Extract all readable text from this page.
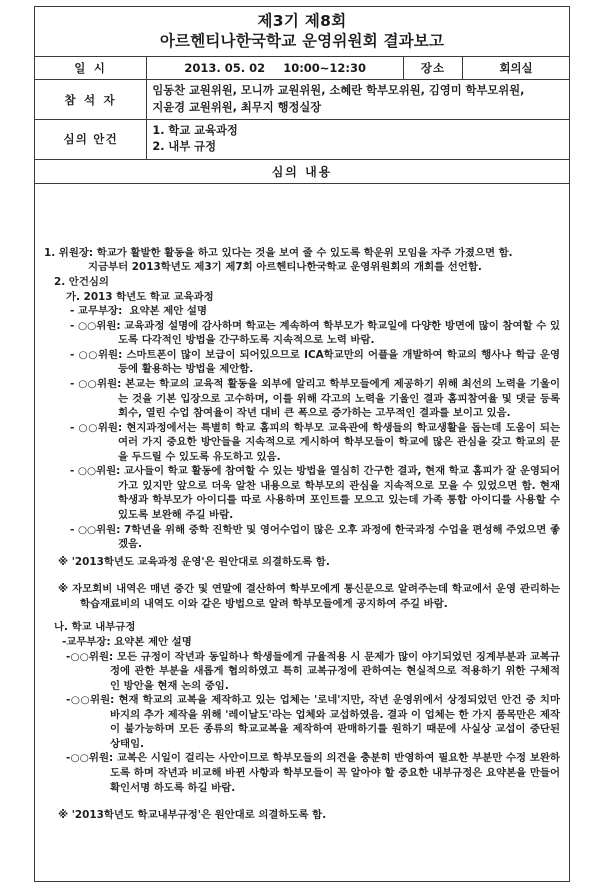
제3기 제8회
아르헨티나한국학교 운영위원회 결과보고			

일 시	2013. 05. 02 10:00~12:30	장소	회의실
참 석 자	임동찬 교원위원, 모니까 교원위원, 소혜란 학부모위원, 김영미 학부모위원,
지윤경 교원위원, 최무지 행정실장		

심의 안건	1. 학교 교육과정
2. 내부 규정		

심의 내용			

1. 위원장: 학교가 활발한 활동을 하고 있다는 것을 보여 줄 수 있도록 학운위 모임을 자주 가졌으면 함.
지금부터 2013학년도 제3기 제7회 아르헨티나한국학교 운영위원회의 개회를 선언함.
2. 안건심의
가. 2013 학년도 학교 교육과정
- 교무부장: 요약본 제안 설명
- ○○위원: 교육과정 설명에 감사하며 학교는 계속하여 학부모가 학교일에 다양한 방면에 많이 참여할 수 있도록 다각적인 방법을 간구하도록 지속적으로 노력 바람.
- ○○위원: 스마트폰이 많이 보급이 되어있으므로 ICA학교만의 어플을 개발하여 학교의 행사나 학급 운영 등에 활용하는 방법을 제안함.
- ○○위원: 본교는 학교의 교육적 활동을 외부에 알리고 학부모들에게 제공하기 위해 최선의 노력을 기울이는 것을 기본 입장으로 고수하며, 이를 위해 각고의 노력을 기울인 결과 홈피참여율 및 댓글 등록회수, 열린 수업 참여율이 작년 대비 큰 폭으로 증가하는 고무적인 결과를 보이고 있음.
- ○○위원: 현지과정에서는 특별히 학교 홈피의 학부모 교육관에 학생들의 학교생활을 돕는데 도움이 되는 여러 가지 중요한 방안들을 지속적으로 게시하여 학부모들이 학교에 많은 관심을 갖고 학교의 문을 두드릴 수 있도록 유도하고 있음.
- ○○위원: 교사들이 학교 활동에 참여할 수 있는 방법을 열심히 간구한 결과, 현재 학교 홈피가 잘 운영되어 가고 있지만 앞으로 더욱 알찬 내용으로 학부모의 관심을 지속적으로 모을 수 있었으면 함. 현재 학생과 학부모가 아이디를 따로 사용하며 포인트를 모으고 있는데 가족 통합 아이디를 사용할 수 있도록 보완해 주길 바람.
- ○○위원: 7학년을 위해 중학 진학반 및 영어수업이 많은 오후 과정에 한국과정 수업을 편성해 주었으면 좋겠음.
※ '2013학년도 교육과정 운영'은 원안대로 의결하도록 함.
※ 자모회비 내역은 매년 중간 및 연말에 결산하여 학부모에게 통신문으로 알려주는데 학교에서 운영 관리하는 학습재료비의 내역도 이와 같은 방법으로 알려 학부모들에게 공지하여 주길 바람.
나. 학교 내부규정
-교무부장: 요약본 제안 설명
-○○위원: 모든 규정이 작년과 동일하나 학생들에게 규율적용 시 문제가 많이 야기되었던 징계부분과 교복규정에 관한 부분을 새롭게 협의하였고 특히 교복규정에 관하여는 현실적으로 적용하기 위한 구체적인 방안을 현재 논의 중임.
-○○위원: 현재 학교의 교복을 제작하고 있는 업체는 '로네'지만, 작년 운영위에서 상정되었던 안건 중 치마바지의 추가 제작을 위해 '레이날도'라는 업체와 교섭하였음. 결과 이 업체는 한 가지 품목만은 제작이 불가능하며 모든 종류의 학교교복을 제작하여 판매하기를 원하기 때문에 사실상 교섭이 중단된 상태임.
-○○위원: 교복은 시일이 걸리는 사안이므로 학부모들의 의견을 충분히 반영하여 필요한 부분만 수정 보완하도록 하며 작년과 비교해 바뀐 사항과 학부모들이 꼭 알아야 할 중요한 내부규정은 요약본을 만들어 확인서명 하도록 하길 바람.
※ '2013학년도 학교내부규정'은 원안대로 의결하도록 함.
